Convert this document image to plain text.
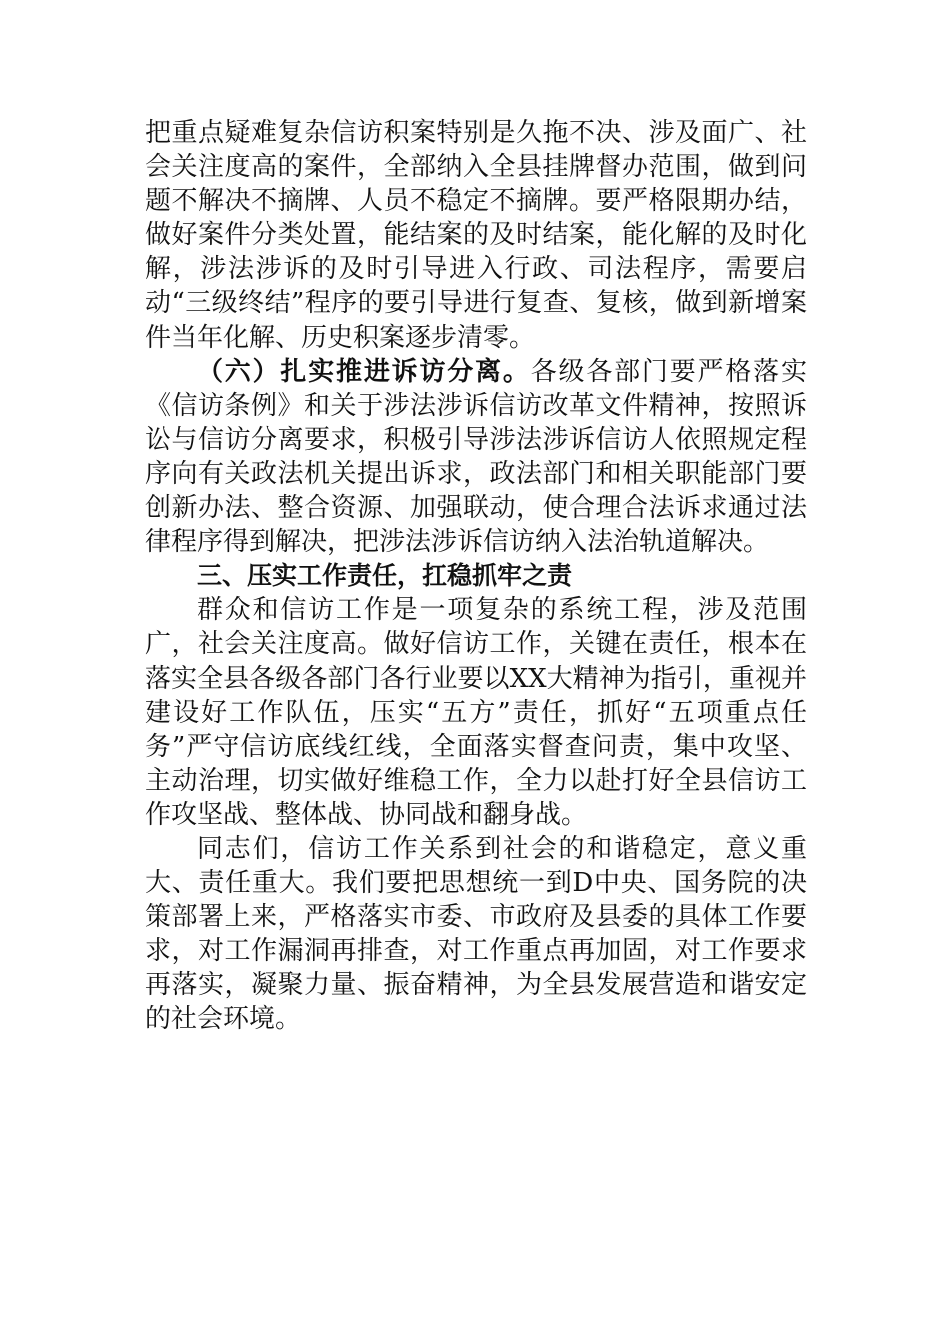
把重点疑难复杂信访积案特别是久拖不决、涉及面广、社会关注度高的案件，全部纳入全县挂牌督办范围，做到问题不解决不摘牌、人员不稳定不摘牌。要严格限期办结，做好案件分类处置，能结案的及时结案，能化解的及时化解，涉法涉诉的及时引导进入行政、司法程序，需要启动“三级终结”程序的要引导进行复查、复核，做到新增案件当年化解、历史积案逐步清零。

（六）扎实推进诉访分离。各级各部门要严格落实《信访条例》和关于涉法涉诉信访改革文件精神，按照诉讼与信访分离要求，积极引导涉法涉诉信访人依照规定程序向有关政法机关提出诉求，政法部门和相关职能部门要创新办法、整合资源、加强联动，使合理合法诉求通过法律程序得到解决，把涉法涉诉信访纳入法治轨道解决。

三、压实工作责任，扛稳抓牢之责

群众和信访工作是一项复杂的系统工程，涉及范围广，社会关注度高。做好信访工作，关键在责任，根本在落实全县各级各部门各行业要以XX大精神为指引，重视并建设好工作队伍，压实“五方”责任，抓好“五项重点任务”严守信访底线红线，全面落实督查问责，集中攻坚、主动治理，切实做好维稳工作，全力以赴打好全县信访工作攻坚战、整体战、协同战和翻身战。

同志们，信访工作关系到社会的和谐稳定，意义重大、责任重大。我们要把思想统一到D中央、国务院的决策部署上来，严格落实市委、市政府及县委的具体工作要求，对工作漏洞再排查，对工作重点再加固，对工作要求再落实，凝聚力量、振奋精神，为全县发展营造和谐安定的社会环境。
